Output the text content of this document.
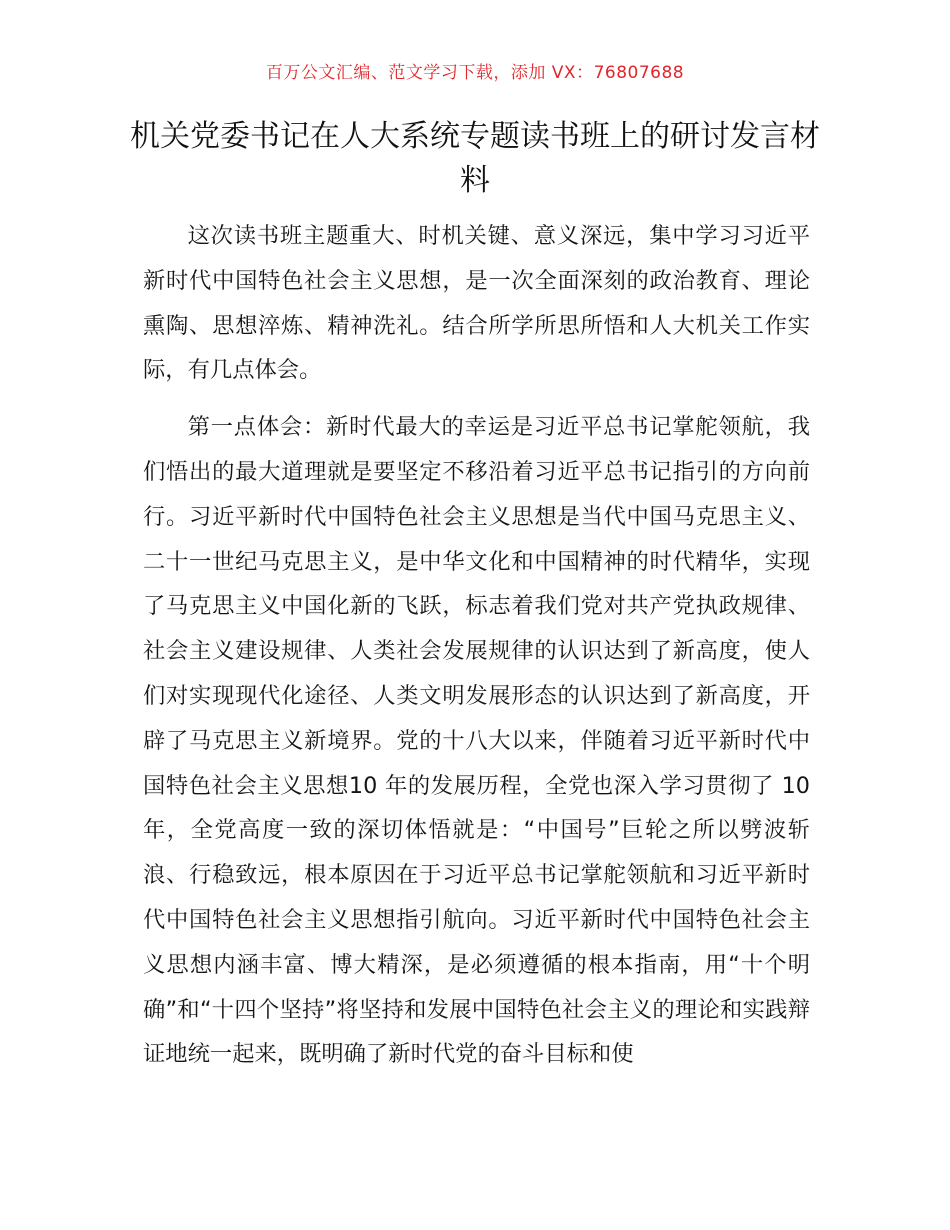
百万公文汇编、范文学习下载，添加 VX：76807688
机关党委书记在人大系统专题读书班上的研讨发言材料

这次读书班主题重大、时机关键、意义深远，集中学习习近平新时代中国特色社会主义思想，是一次全面深刻的政治教育、理论熏陶、思想淬炼、精神洗礼。结合所学所思所悟和人大机关工作实际，有几点体会。

第一点体会：新时代最大的幸运是习近平总书记掌舵领航，我们悟出的最大道理就是要坚定不移沿着习近平总书记指引的方向前行。习近平新时代中国特色社会主义思想是当代中国马克思主义、二十一世纪马克思主义，是中华文化和中国精神的时代精华，实现了马克思主义中国化新的飞跃，标志着我们党对共产党执政规律、社会主义建设规律、人类社会发展规律的认识达到了新高度，使人们对实现现代化途径、人类文明发展形态的认识达到了新高度，开辟了马克思主义新境界。党的十八大以来，伴随着习近平新时代中国特色社会主义思想10 年的发展历程，全党也深入学习贯彻了 10 年，全党高度一致的深切体悟就是：“中国号”巨轮之所以劈波斩浪、行稳致远，根本原因在于习近平总书记掌舵领航和习近平新时代中国特色社会主义思想指引航向。习近平新时代中国特色社会主义思想内涵丰富、博大精深，是必须遵循的根本指南，用“十个明确”和“十四个坚持”将坚持和发展中国特色社会主义的理论和实践辩证地统一起来，既明确了新时代党的奋斗目标和使
